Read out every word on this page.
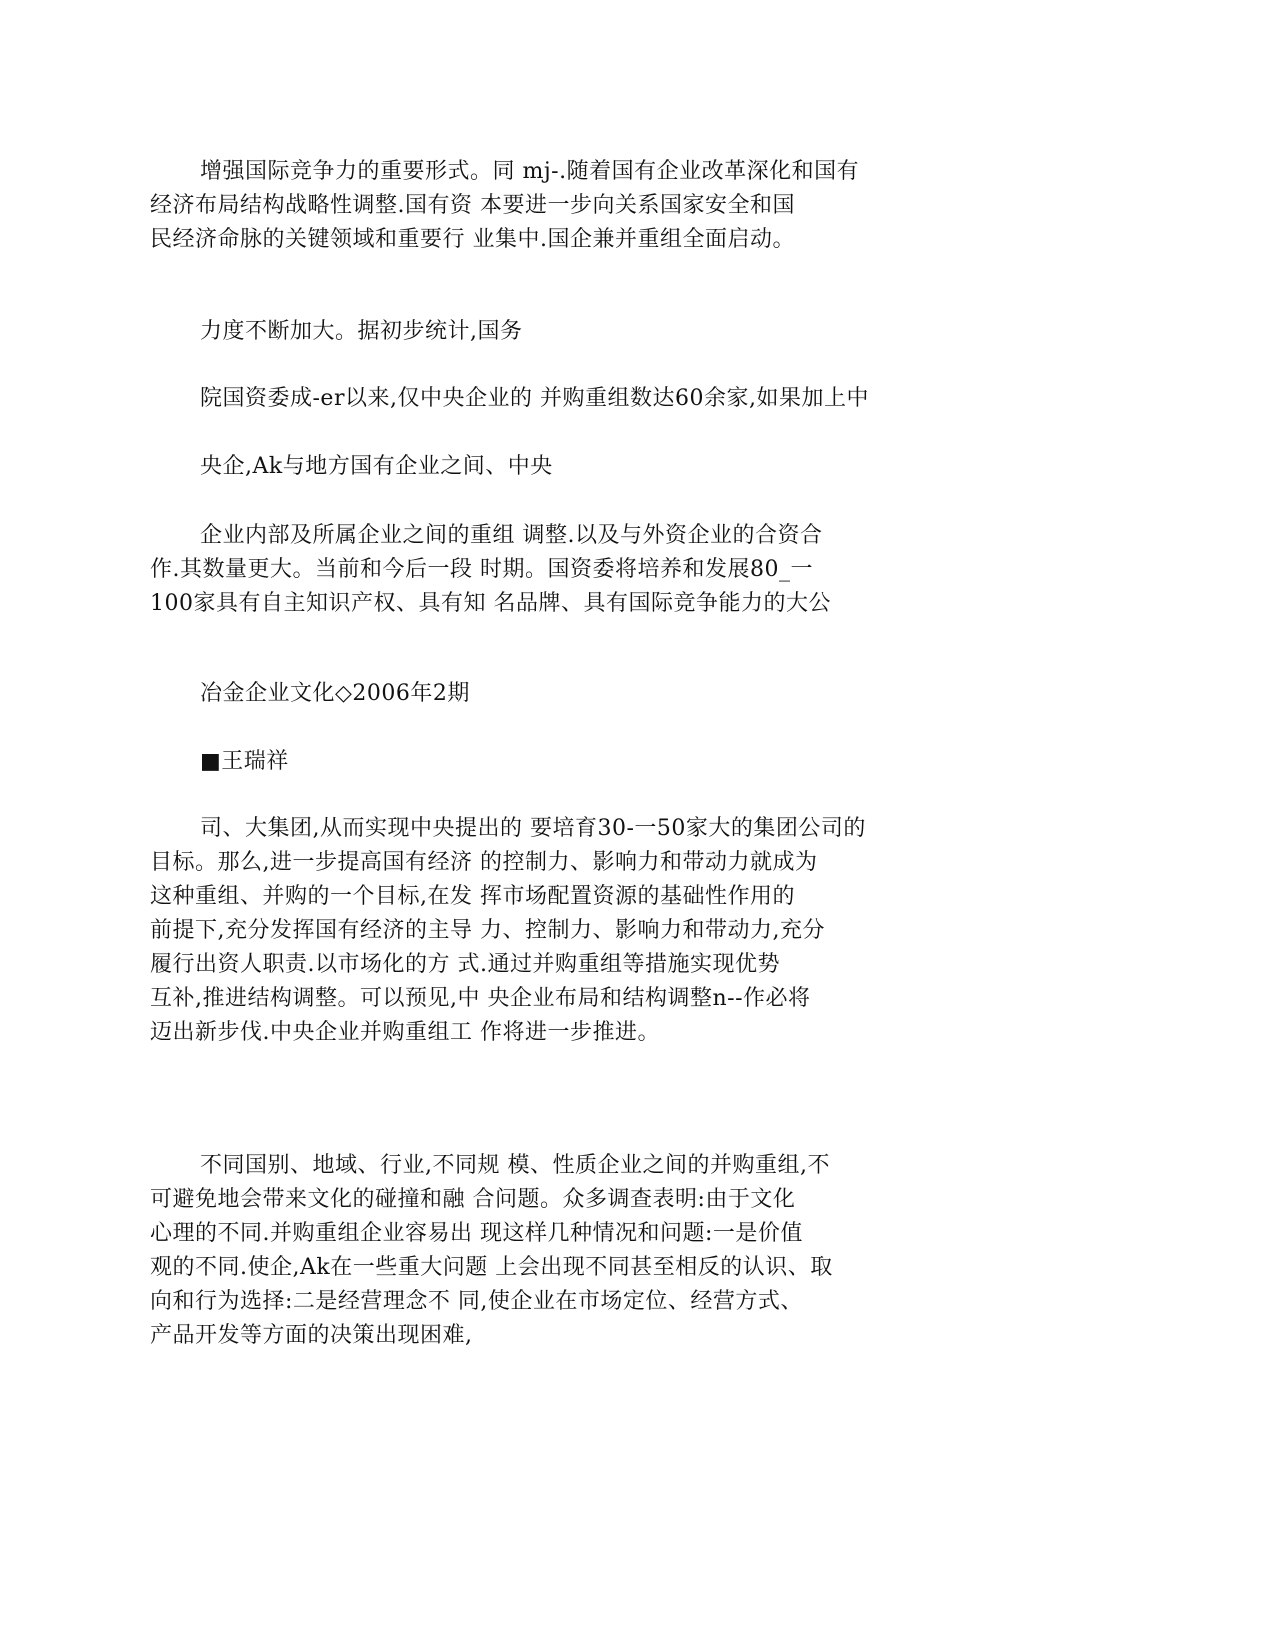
增强国际竞争力的重要形式。同 mj-.随着国有企业改革深化和国有
经济布局结构战略性调整.国有资 本要进一步向关系国家安全和国
民经济命脉的关键领域和重要行 业集中.国企兼并重组全面启动。
力度不断加大。据初步统计,国务
院国资委成-er以来,仅中央企业的 并购重组数达60余家,如果加上中
央企,Ak与地方国有企业之间、中央
企业内部及所属企业之间的重组 调整.以及与外资企业的合资合
作.其数量更大。当前和今后一段 时期。国资委将培养和发展80_一
100家具有自主知识产权、具有知 名品牌、具有国际竞争能力的大公
冶金企业文化◇2006年2期
■王瑞祥
司、大集团,从而实现中央提出的 要培育30-一50家大的集团公司的
目标。那么,进一步提高国有经济 的控制力、影响力和带动力就成为
这种重组、并购的一个目标,在发 挥市场配置资源的基础性作用的
前提下,充分发挥国有经济的主导 力、控制力、影响力和带动力,充分
履行出资人职责.以市场化的方 式.通过并购重组等措施实现优势
互补,推进结构调整。可以预见,中 央企业布局和结构调整n--作必将
迈出新步伐.中央企业并购重组工 作将进一步推进。
不同国别、地域、行业,不同规 模、性质企业之间的并购重组,不
可避免地会带来文化的碰撞和融 合问题。众多调查表明:由于文化
心理的不同.并购重组企业容易出 现这样几种情况和问题:一是价值
观的不同.使企,Ak在一些重大问题 上会出现不同甚至相反的认识、取
向和行为选择:二是经营理念不 同,使企业在市场定位、经营方式、
产品开发等方面的决策出现困难,
